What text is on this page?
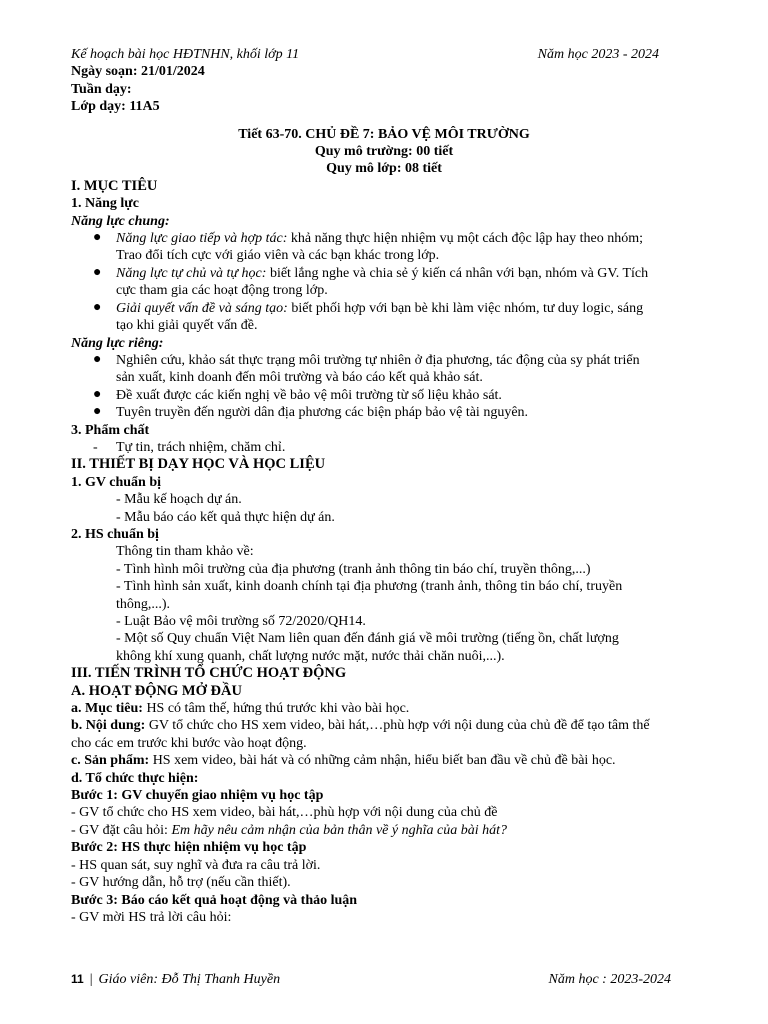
Kế hoạch bài học HĐTNHN, khối lớp 11	Năm học 2023 - 2024
Ngày soạn: 21/01/2024
Tuần dạy:
Lớp dạy: 11A5
Tiết 63-70. CHỦ ĐỀ 7: BẢO VỆ MÔI TRƯỜNG
Quy mô trường: 00 tiết
Quy mô lớp: 08 tiết
I. MỤC TIÊU
1. Năng lực
Năng lực chung:
● Năng lực giao tiếp và hợp tác: khả năng thực hiện nhiệm vụ một cách độc lập hay theo nhóm;
Trao đổi tích cực với giáo viên và các bạn khác trong lớp.
● Năng lực tự chủ và tự học: biết lắng nghe và chia sẻ ý kiến cá nhân với bạn, nhóm và GV. Tích
cực tham gia các hoạt động trong lớp.
● Giải quyết vấn đề và sáng tạo: biết phối hợp với bạn bè khi làm việc nhóm, tư duy logic, sáng
tạo khi giải quyết vấn đề.
Năng lực riêng:
● Nghiên cứu, khảo sát thực trạng môi trường tự nhiên ở địa phương, tác động của sy phát triển
sản xuất, kinh doanh đến môi trường và báo cáo kết quả khảo sát.
● Đề xuất được các kiến nghị về bảo vệ môi trường từ số liệu khảo sát.
● Tuyên truyền đến người dân địa phương các biện pháp bảo vệ tài nguyên.
3. Phẩm chất
- Tự tin, trách nhiệm, chăm chỉ.
II. THIẾT BỊ DẠY HỌC VÀ HỌC LIỆU
1. GV chuẩn bị
- Mẫu kế hoạch dự án.
- Mẫu báo cáo kết quả thực hiện dự án.
2. HS chuẩn bị
Thông tin tham khảo về:
- Tình hình môi trường của địa phương (tranh ảnh thông tin báo chí, truyền thông,...)
- Tình hình sản xuất, kinh doanh chính tại địa phương (tranh ảnh, thông tin báo chí, truyền
thông,...).
- Luật Bảo vệ môi trường số 72/2020/QH14.
- Một số Quy chuẩn Việt Nam liên quan đến đánh giá về môi trường (tiếng ồn, chất lượng
không khí xung quanh, chất lượng nước mặt, nước thải chăn nuôi,...).
III. TIẾN TRÌNH TỔ CHỨC HOẠT ĐỘNG
A. HOẠT ĐỘNG MỞ ĐẦU
a. Mục tiêu: HS có tâm thế, hứng thú trước khi vào bài học.
b. Nội dung: GV tổ chức cho HS xem video, bài hát,…phù hợp với nội dung của chủ đề để tạo tâm thế
cho các em trước khi bước vào hoạt động.
c. Sản phẩm: HS xem video, bài hát và có những cảm nhận, hiểu biết ban đầu về chủ đề bài học.
d. Tổ chức thực hiện:
Bước 1: GV chuyển giao nhiệm vụ học tập
- GV tổ chức cho HS xem video, bài hát,…phù hợp với nội dung của chủ đề
- GV đặt câu hỏi: Em hãy nêu cảm nhận của bản thân về ý nghĩa của bài hát?
Bước 2: HS thực hiện nhiệm vụ học tập
- HS quan sát, suy nghĩ và đưa ra câu trả lời.
- GV hướng dẫn, hỗ trợ (nếu cần thiết).
Bước 3: Báo cáo kết quả hoạt động và thảo luận
- GV mời HS trả lời câu hỏi:
11 | Giáo viên: Đỗ Thị Thanh Huyền	Năm học : 2023-2024
